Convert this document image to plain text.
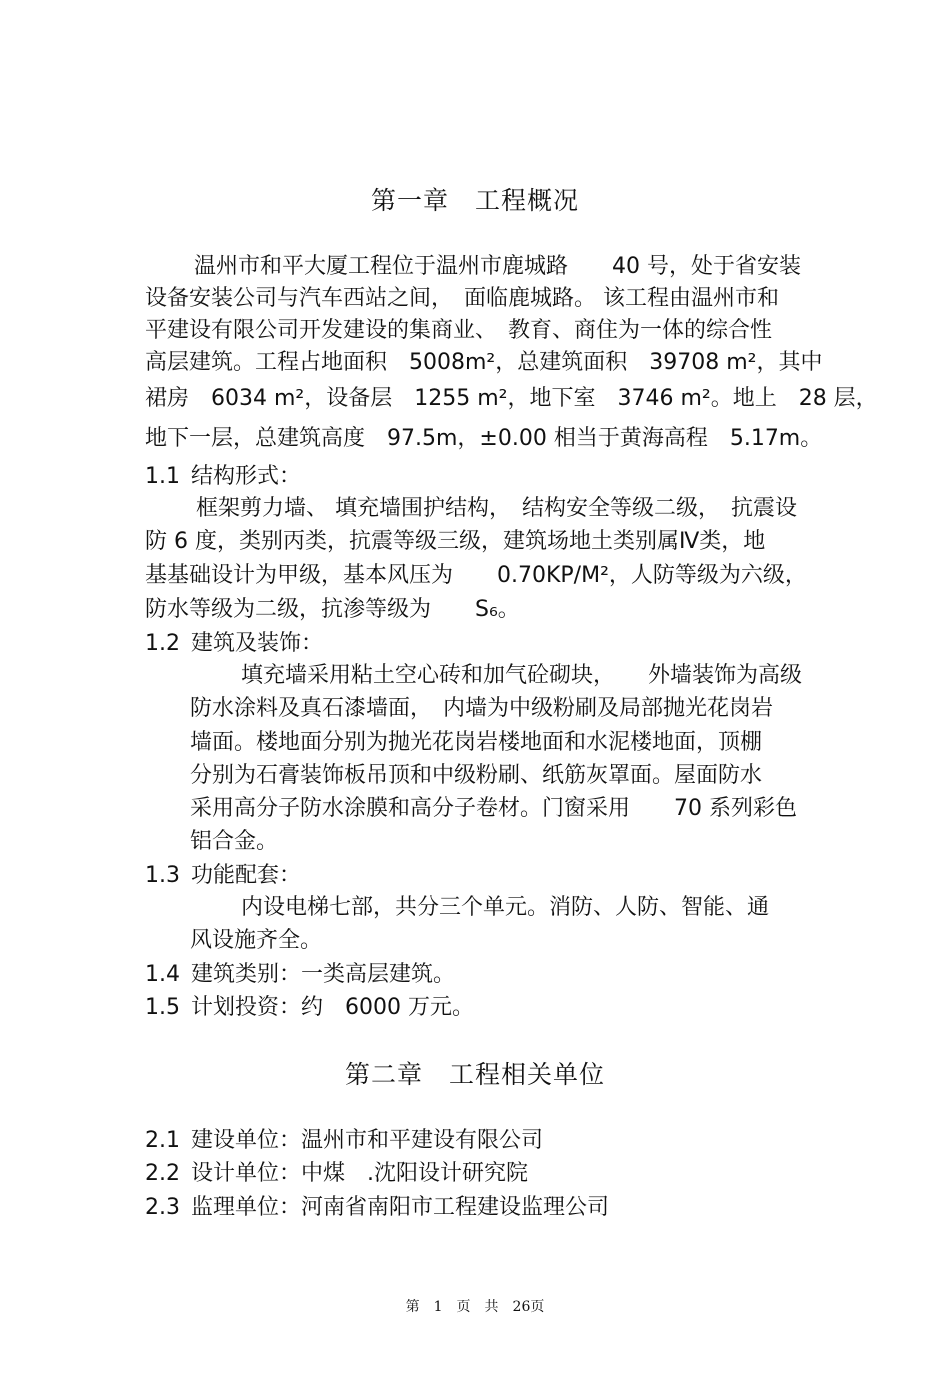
第一章　工程概况
温州市和平大厦工程位于温州市鹿城路　　40 号，处于省安装
设备安装公司与汽车西站之间，　面临鹿城路。 该工程由温州市和
平建设有限公司开发建设的集商业、　教育、商住为一体的综合性
高层建筑。工程占地面积　5008m²，总建筑面积　39708 m²，其中
裙房　6034 m²，设备层　1255 m²，地下室　3746 m²。地上　28 层，
地下一层，总建筑高度　97.5m，±0.00 相当于黄海高程　5.17m。
1.1 结构形式：
框架剪力墙、 填充墙围护结构，　结构安全等级二级，　抗震设
防 6 度，类别丙类，抗震等级三级，建筑场地土类别属Ⅳ类，地
基基础设计为甲级，基本风压为　　0.70KP/M²，人防等级为六级，
防水等级为二级，抗渗等级为　　S₆。
1.2 建筑及装饰：
填充墙采用粘土空心砖和加气砼砌块，　　外墙装饰为高级
防水涂料及真石漆墙面，　内墙为中级粉刷及局部抛光花岗岩
墙面。楼地面分别为抛光花岗岩楼地面和水泥楼地面，顶棚
分别为石膏装饰板吊顶和中级粉刷、纸筋灰罩面。屋面防水
采用高分子防水涂膜和高分子卷材。门窗采用　　70 系列彩色
铝合金。
1.3 功能配套：
内设电梯七部，共分三个单元。消防、人防、智能、通
风设施齐全。
1.4 建筑类别：一类高层建筑。
1.5 计划投资：约　6000 万元。
第二章　工程相关单位
2.1 建设单位：温州市和平建设有限公司
2.2 设计单位：中煤　.沈阳设计研究院
2.3 监理单位：河南省南阳市工程建设监理公司
第　1　页　共　26页
